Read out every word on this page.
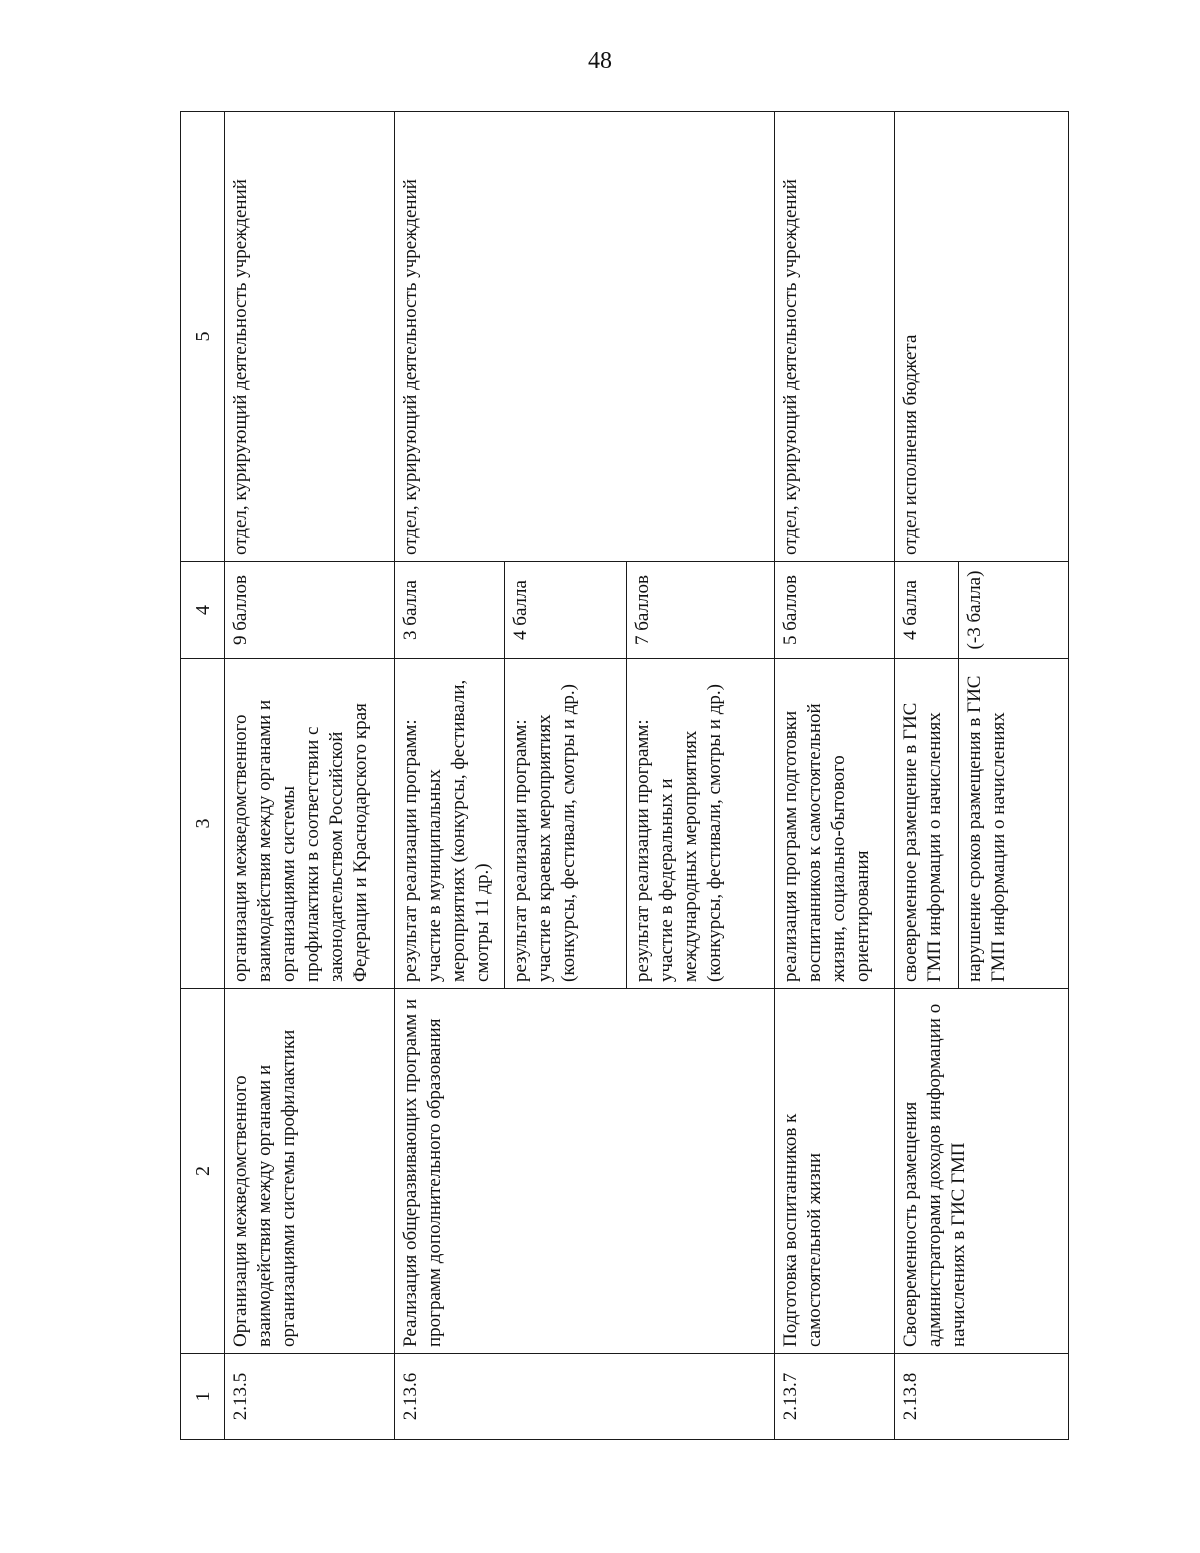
48
1	2	3	4	5
2.13.5	Организация межведомственного взаимодействия между органами и организациями системы профилактики	организация межведомственного взаимодействия между органами и организациями системы профилактики в соответствии с законодательством Российской Федерации и Краснодарского края	9 баллов	отдел, курирующий деятельность учреждений
2.13.6	Реализация общеразвивающих программ и программ дополнительного образования	результат реализации программ: участие в муниципальных мероприятиях (конкурсы, фестивали, смотры 11 др.)	3 балла	отдел, курирующий деятельность учреждений
		результат реализации программ: участие в краевых мероприятиях (конкурсы, фестивали, смотры и др.)	4 балла	
		результат реализации программ: участие в федеральных и международных мероприятиях (конкурсы, фестивали, смотры и др.)	7 баллов	
2.13.7	Подготовка воспитанников к самостоятельной жизни	реализация программ подготовки воспитанников к самостоятельной жизни, социально-бытового ориентирования	5 баллов	отдел, курирующий деятельность учреждений
2.13.8	Своевременность размещения администраторами доходов информации о начислениях в ГИС ГМП	своевременное размещение в ГИС ГМП информации о начислениях	4 балла	отдел исполнения бюджета
		нарушение сроков размещения в ГИС ГМП информации о начислениях	(-3 балла)	
